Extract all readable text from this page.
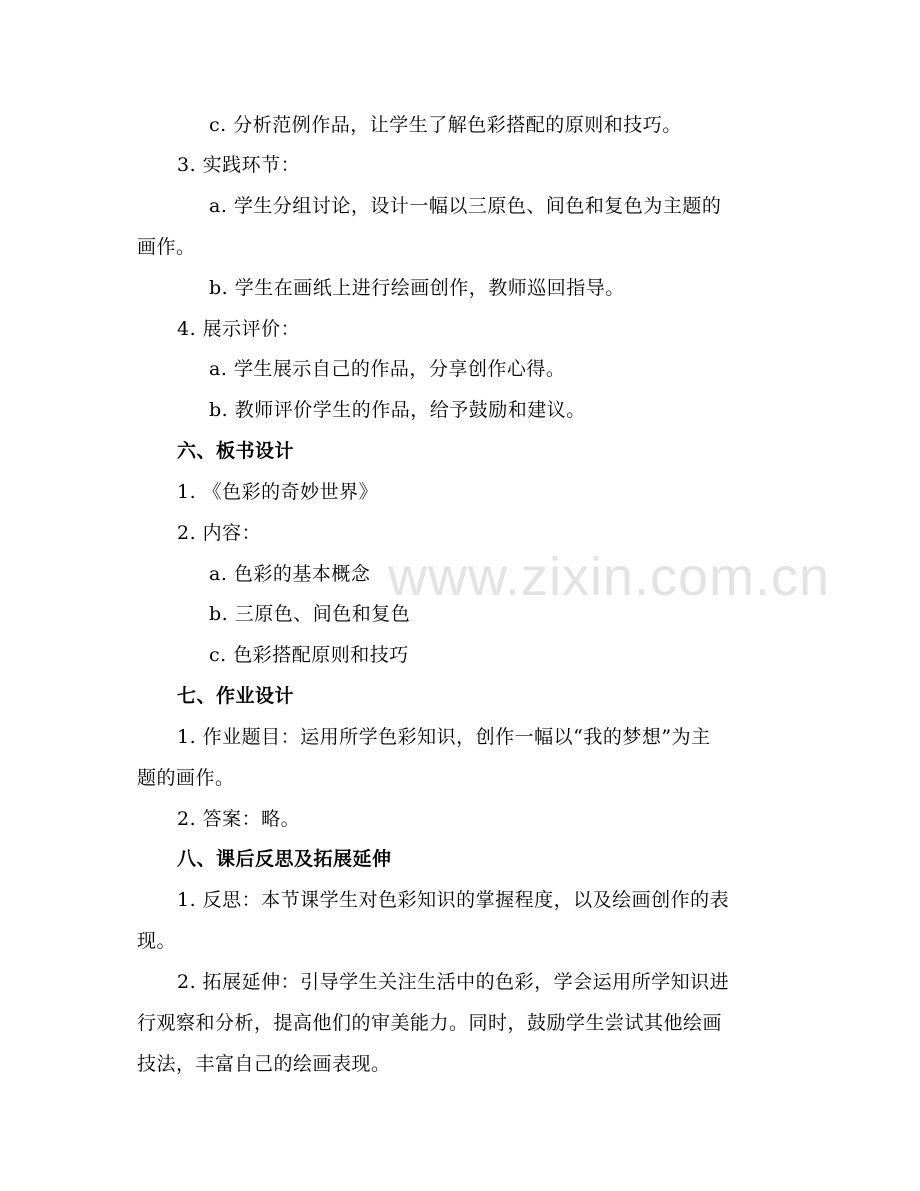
www.zixin.com.cn
c. 分析范例作品，让学生了解色彩搭配的原则和技巧。
3. 实践环节：
a. 学生分组讨论，设计一幅以三原色、间色和复色为主题的
画作。
b. 学生在画纸上进行绘画创作，教师巡回指导。
4. 展示评价：
a. 学生展示自己的作品，分享创作心得。
b. 教师评价学生的作品，给予鼓励和建议。
六、板书设计
1. 《色彩的奇妙世界》
2. 内容：
a. 色彩的基本概念
b. 三原色、间色和复色
c. 色彩搭配原则和技巧
七、作业设计
1. 作业题目：运用所学色彩知识，创作一幅以“我的梦想”为主
题的画作。
2. 答案：略。
八、课后反思及拓展延伸
1. 反思：本节课学生对色彩知识的掌握程度，以及绘画创作的表
现。
2. 拓展延伸：引导学生关注生活中的色彩，学会运用所学知识进
行观察和分析，提高他们的审美能力。同时，鼓励学生尝试其他绘画
技法，丰富自己的绘画表现。
